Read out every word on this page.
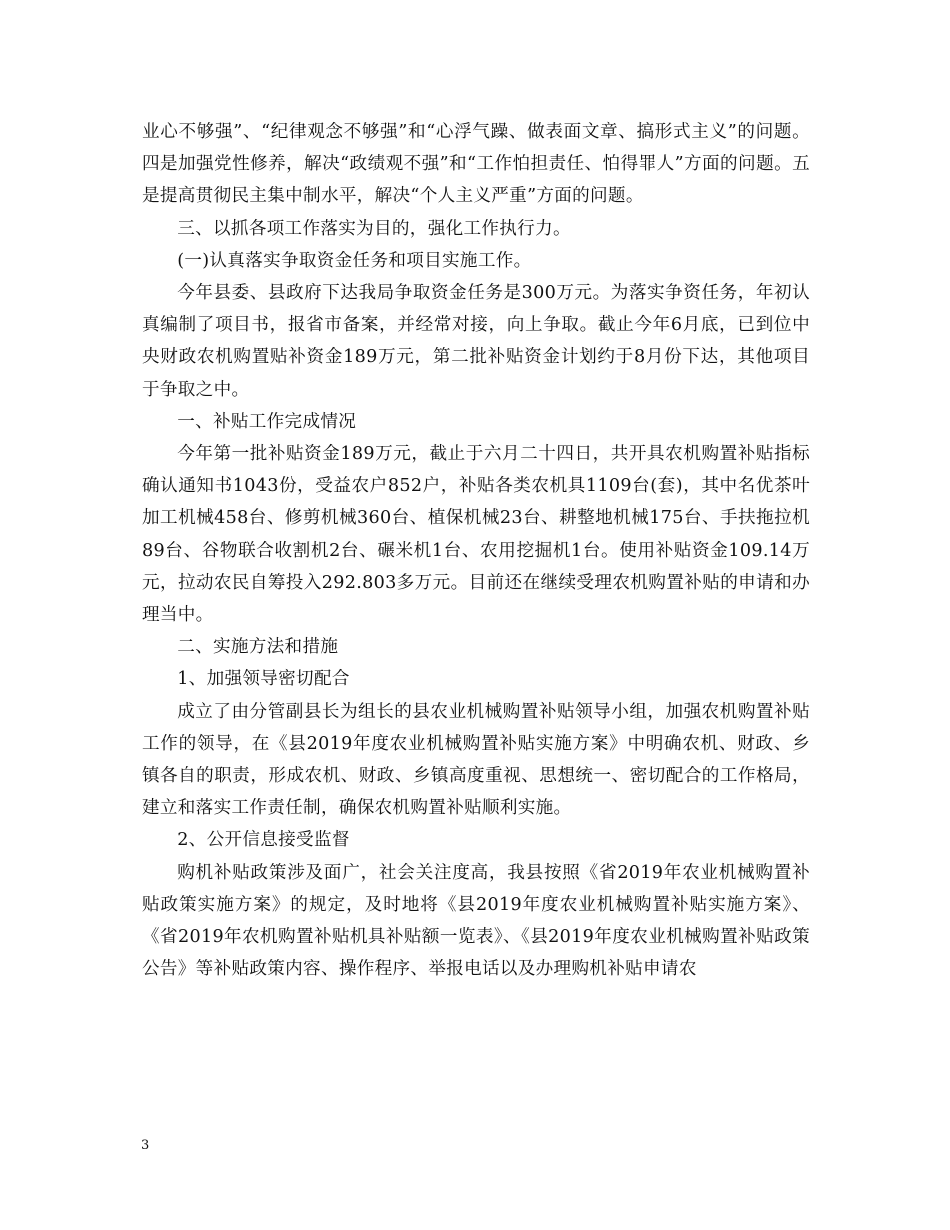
业心不够强”、“纪律观念不够强”和“心浮气躁、做表面文章、搞形式主义”的问题。四是加强党性修养，解决“政绩观不强”和“工作怕担责任、怕得罪人”方面的问题。五是提高贯彻民主集中制水平，解决“个人主义严重”方面的问题。

三、以抓各项工作落实为目的，强化工作执行力。

(一)认真落实争取资金任务和项目实施工作。

今年县委、县政府下达我局争取资金任务是300万元。为落实争资任务，年初认真编制了项目书，报省市备案，并经常对接，向上争取。截止今年6月底，已到位中央财政农机购置贴补资金189万元，第二批补贴资金计划约于8月份下达，其他项目于争取之中。

一、补贴工作完成情况

今年第一批补贴资金189万元，截止于六月二十四日，共开具农机购置补贴指标确认通知书1043份，受益农户852户，补贴各类农机具1109台(套)，其中名优茶叶加工机械458台、修剪机械360台、植保机械23台、耕整地机械175台、手扶拖拉机89台、谷物联合收割机2台、碾米机1台、农用挖掘机1台。使用补贴资金109.14万元，拉动农民自筹投入292.803多万元。目前还在继续受理农机购置补贴的申请和办理当中。

二、实施方法和措施

1、加强领导密切配合

成立了由分管副县长为组长的县农业机械购置补贴领导小组，加强农机购置补贴工作的领导，在《县2019年度农业机械购置补贴实施方案》中明确农机、财政、乡镇各自的职责，形成农机、财政、乡镇高度重视、思想统一、密切配合的工作格局，建立和落实工作责任制，确保农机购置补贴顺利实施。

2、公开信息接受监督

购机补贴政策涉及面广，社会关注度高，我县按照《省2019年农业机械购置补贴政策实施方案》的规定，及时地将《县2019年度农业机械购置补贴实施方案》、《省2019年农机购置补贴机具补贴额一览表》、《县2019年度农业机械购置补贴政策公告》等补贴政策内容、操作程序、举报电话以及办理购机补贴申请农

3
